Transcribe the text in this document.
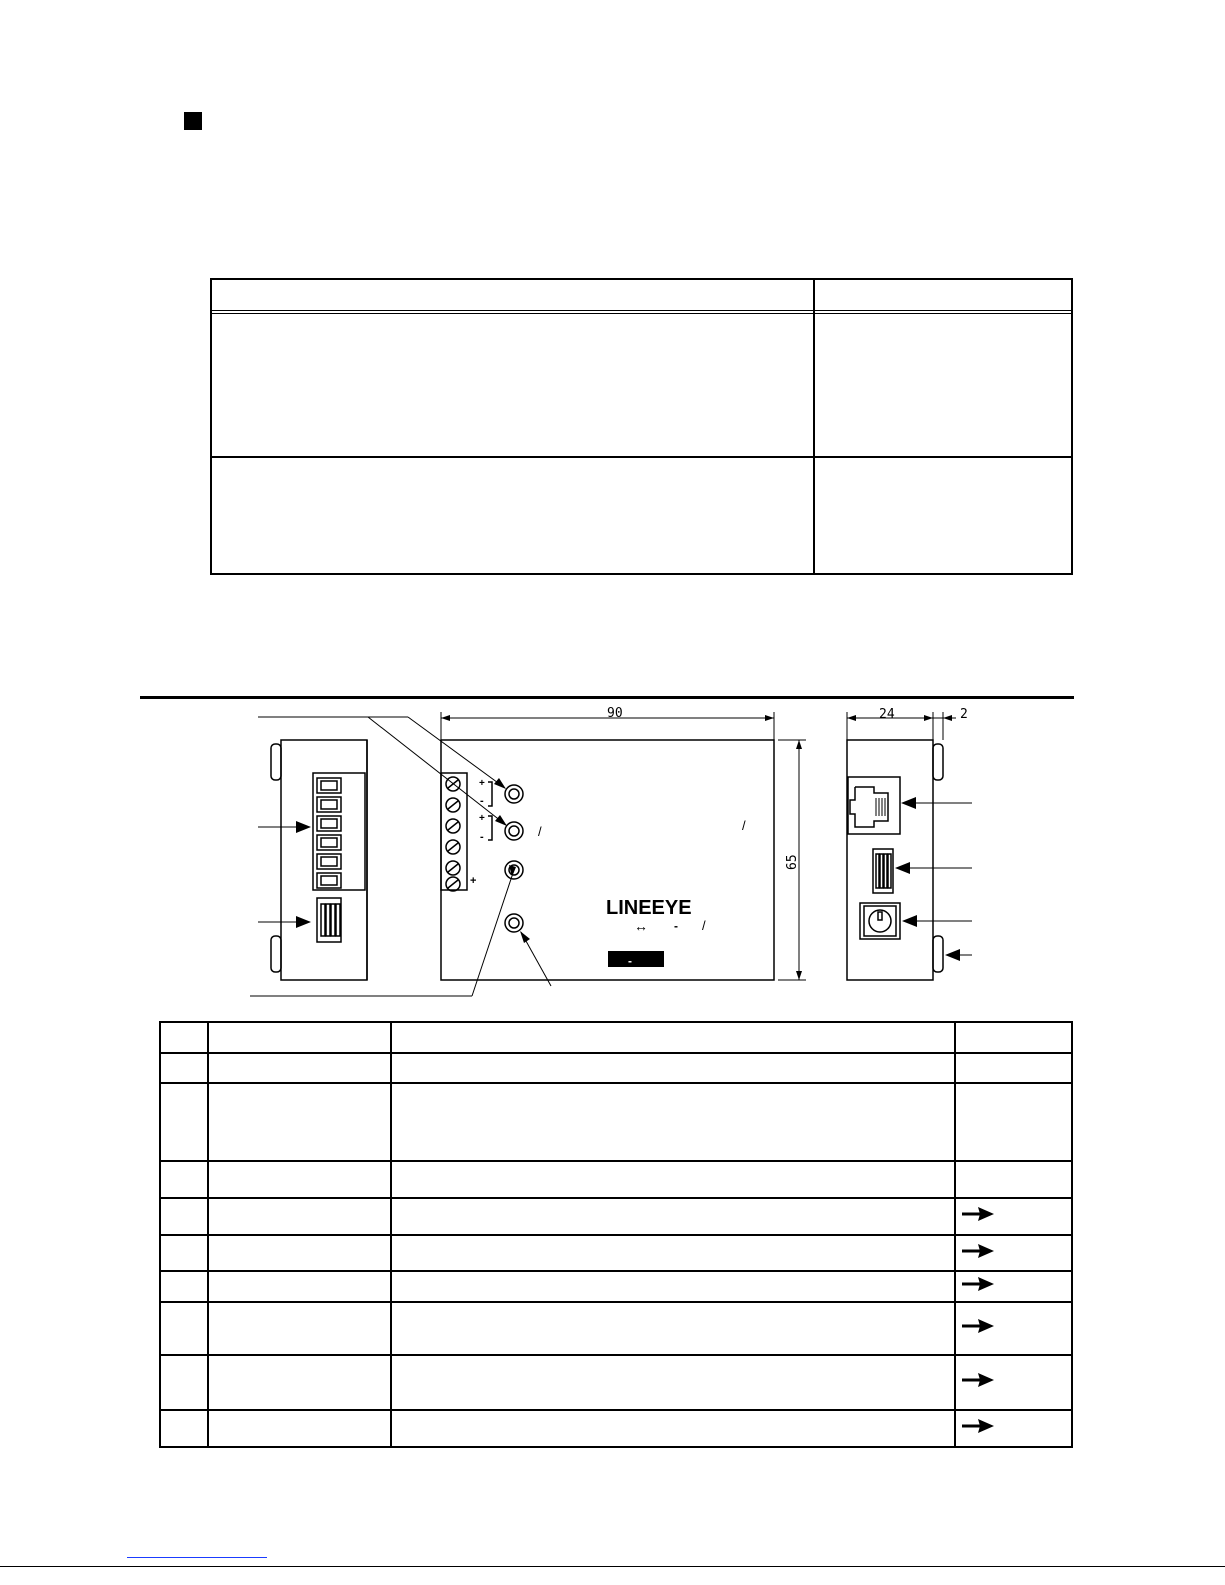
90	24	2
65
+
-
+
-
+
/	/
LINEEYE
↔ - /
-
